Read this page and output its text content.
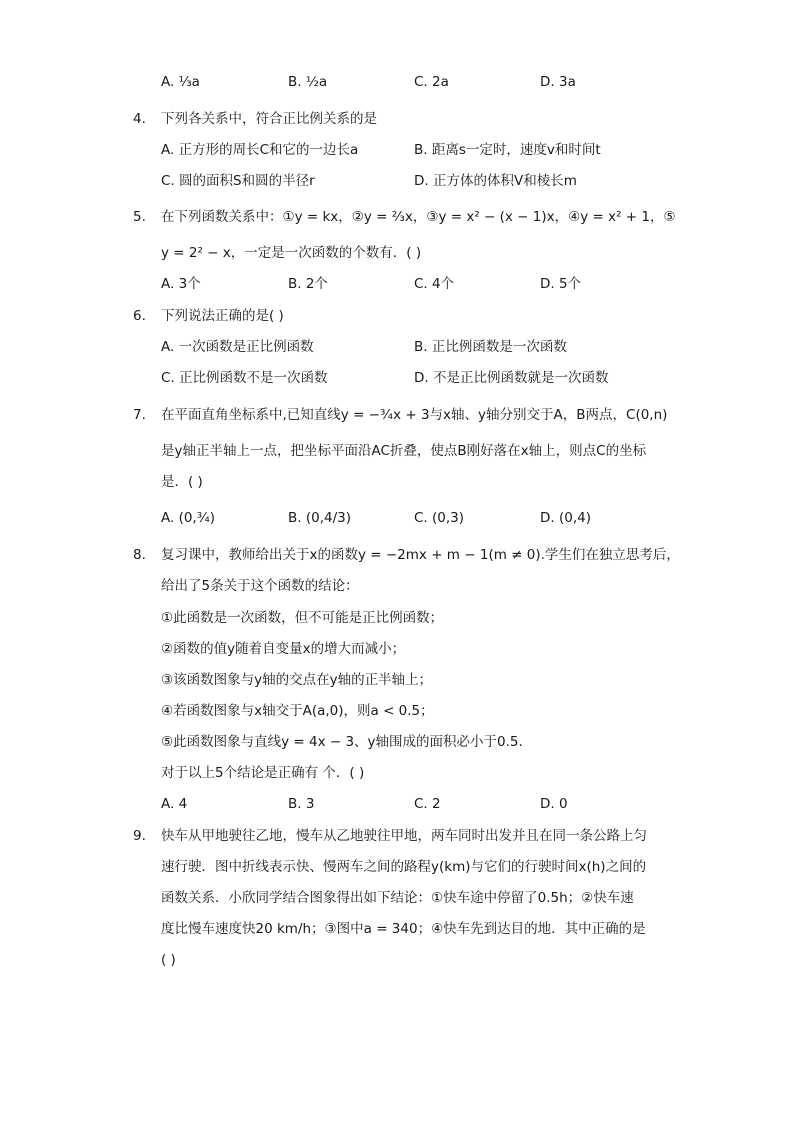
A. ⅓a	B. ½a	C. 2a	D. 3a
4. 下列各关系中，符合正比例关系的是
A. 正方形的周长C和它的一边长a	B. 距离s一定时，速度v和时间t
C. 圆的面积S和圆的半径r	D. 正方体的体积V和棱长m
5. 在下列函数关系中：①y = kx，②y = ⅔x，③y = x² − (x − 1)x，④y = x² + 1，⑤
y = 2² − x，一定是一次函数的个数有．( )
A. 3个	B. 2个	C. 4个	D. 5个
6. 下列说法正确的是( )
A. 一次函数是正比例函数	B. 正比例函数是一次函数
C. 正比例函数不是一次函数	D. 不是正比例函数就是一次函数
7. 在平面直角坐标系中,已知直线y = −¾x + 3与x轴、y轴分别交于A，B两点，C(0,n)
是y轴正半轴上一点，把坐标平面沿AC折叠，使点B刚好落在x轴上，则点C的坐标
是．( )
A. (0,¾)	B. (0,4/3)	C. (0,3)	D. (0,4)
8. 复习课中，教师给出关于x的函数y = −2mx + m − 1(m ≠ 0).学生们在独立思考后，
给出了5条关于这个函数的结论：
①此函数是一次函数，但不可能是正比例函数；
②函数的值y随着自变量x的增大而减小；
③该函数图象与y轴的交点在y轴的正半轴上；
④若函数图象与x轴交于A(a,0)，则a < 0.5；
⑤此函数图象与直线y = 4x − 3、y轴围成的面积必小于0.5.
对于以上5个结论是正确有 个．( )
A. 4	B. 3	C. 2	D. 0
9. 快车从甲地驶往乙地，慢车从乙地驶往甲地，两车同时出发并且在同一条公路上匀
速行驶．图中折线表示快、慢两车之间的路程y(km)与它们的行驶时间x(h)之间的
函数关系．小欣同学结合图象得出如下结论：①快车途中停留了0.5h；②快车速
度比慢车速度快20 km/h；③图中a = 340；④快车先到达目的地．其中正确的是
( )
